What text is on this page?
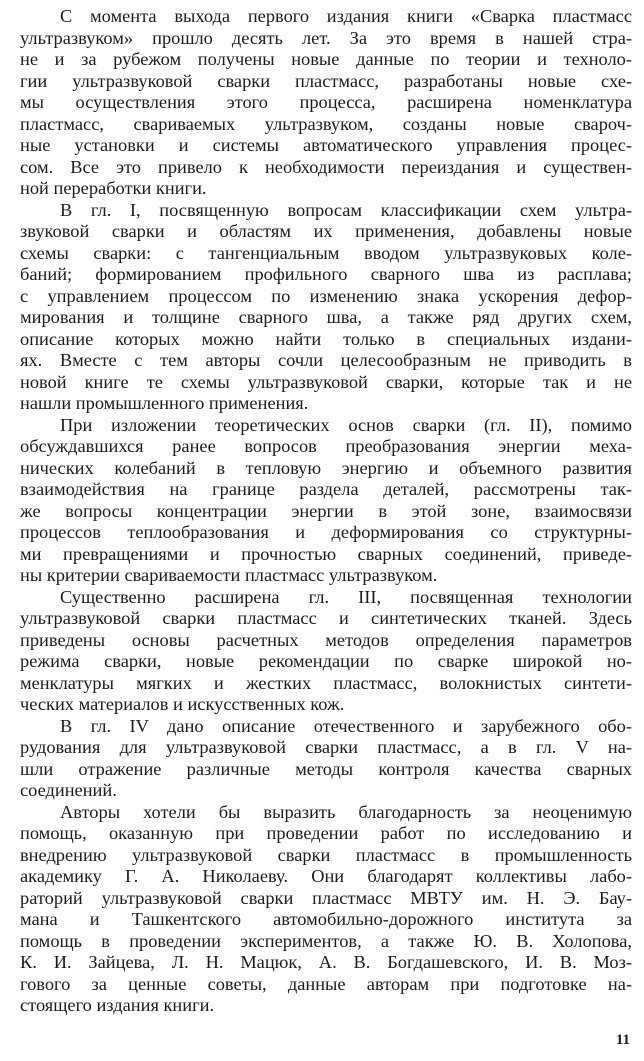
С момента выхода первого издания книги «Сварка пластмасс
ультразвуком» прошло десять лет. За это время в нашей стра-
не и за рубежом получены новые данные по теории и техноло-
гии ультразвуковой сварки пластмасс, разработаны новые схе-
мы осуществления этого процесса, расширена номенклатура
пластмасс, свариваемых ультразвуком, созданы новые свароч-
ные установки и системы автоматического управления процес-
сом. Все это привело к необходимости переиздания и существен-
ной переработки книги.

В гл. I, посвященную вопросам классификации схем ультра-
звуковой сварки и областям их применения, добавлены новые
схемы сварки: с тангенциальным вводом ультразвуковых коле-
баний; формированием профильного сварного шва из расплава;
с управлением процессом по изменению знака ускорения дефор-
мирования и толщине сварного шва, а также ряд других схем,
описание которых можно найти только в специальных издани-
ях. Вместе с тем авторы сочли целесообразным не приводить в
новой книге те схемы ультразвуковой сварки, которые так и не
нашли промышленного применения.

При изложении теоретических основ сварки (гл. II), помимо
обсуждавшихся ранее вопросов преобразования энергии меха-
нических колебаний в тепловую энергию и объемного развития
взаимодействия на границе раздела деталей, рассмотрены так-
же вопросы концентрации энергии в этой зоне, взаимосвязи
процессов теплообразования и деформирования со структурны-
ми превращениями и прочностью сварных соединений, приведе-
ны критерии свариваемости пластмасс ультразвуком.

Существенно расширена гл. III, посвященная технологии
ультразвуковой сварки пластмасс и синтетических тканей. Здесь
приведены основы расчетных методов определения параметров
режима сварки, новые рекомендации по сварке широкой но-
менклатуры мягких и жестких пластмасс, волокнистых синтети-
ческих материалов и искусственных кож.

В гл. IV дано описание отечественного и зарубежного обо-
рудования для ультразвуковой сварки пластмасс, а в гл. V на-
шли отражение различные методы контроля качества сварных
соединений.

Авторы хотели бы выразить благодарность за неоценимую
помощь, оказанную при проведении работ по исследованию и
внедрению ультразвуковой сварки пластмасс в промышленность
академику Г. А. Николаеву. Они благодарят коллективы лабо-
раторий ультразвуковой сварки пластмасс МВТУ им. Н. Э. Бау-
мана и Ташкентского автомобильно-дорожного института за
помощь в проведении экспериментов, а также Ю. В. Холопова,
К. И. Зайцева, Л. Н. Мацюк, А. В. Богдашевского, И. В. Моз-
гового за ценные советы, данные авторам при подготовке на-
стоящего издания книги.

11
